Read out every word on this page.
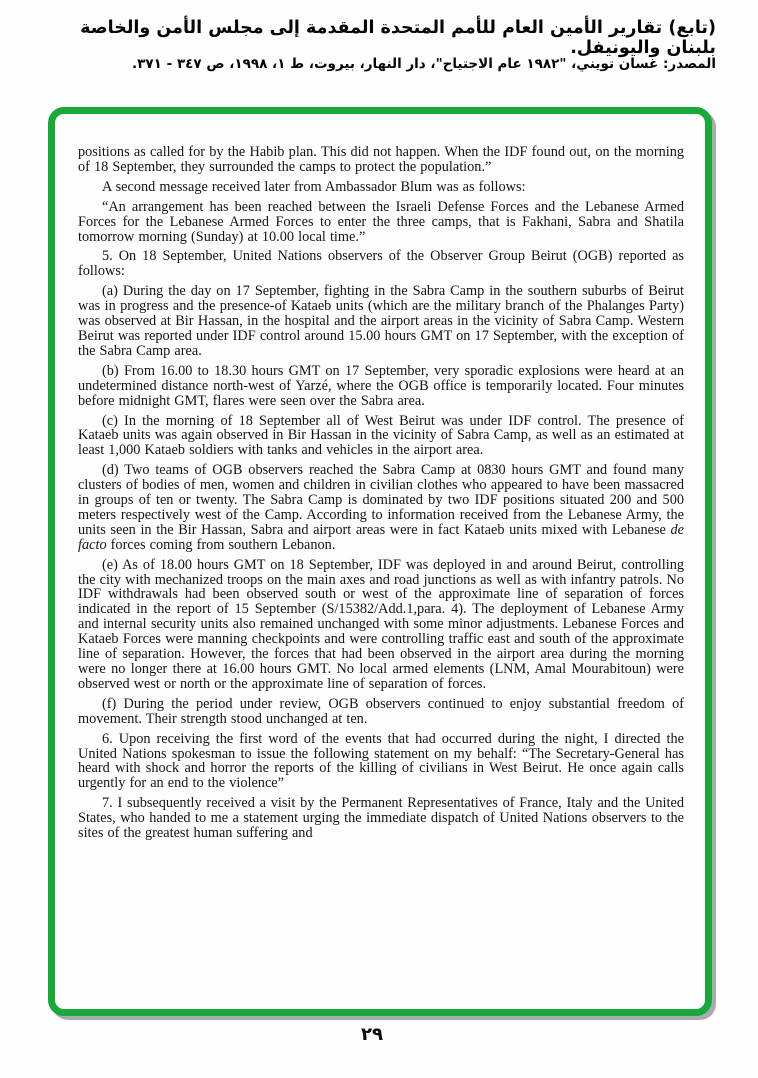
(تابع) تقارير الأمين العام للأمم المتحدة المقدمة إلى مجلس الأمن والخاصة بلبنان واليونيفل.
المصدر: غسان تويني، "١٩٨٢ عام الاجتياح"، دار النهار، بيروت، ط ١، ١٩٩٨، ص ٣٤٧ - ٣٧١.

positions as called for by the Habib plan. This did not happen. When the IDF found out, on the morning of 18 September, they surrounded the camps to protect the population.”

A second message received later from Ambassador Blum was as follows:

“An arrangement has been reached between the Israeli Defense Forces and the Lebanese Armed Forces for the Lebanese Armed Forces to enter the three camps, that is Fakhani, Sabra and Shatila tomorrow morning (Sunday) at 10.00 local time.”

5. On 18 September, United Nations observers of the Observer Group Beirut (OGB) reported as follows:

(a) During the day on 17 September, fighting in the Sabra Camp in the southern suburbs of Beirut was in progress and the presence-of Kataeb units (which are the military branch of the Phalanges Party) was observed at Bir Hassan, in the hospital and the airport areas in the vicinity of Sabra Camp. Western Beirut was reported under IDF control around 15.00 hours GMT on 17 September, with the exception of the Sabra Camp area.

(b) From 16.00 to 18.30 hours GMT on 17 September, very sporadic explosions were heard at an undetermined distance north-west of Yarzé, where the OGB office is temporarily located. Four minutes before midnight GMT, flares were seen over the Sabra area.

(c) In the morning of 18 September all of West Beirut was under IDF control. The presence of Kataeb units was again observed in Bir Hassan in the vicinity of Sabra Camp, as well as an estimated at least 1,000 Kataeb soldiers with tanks and vehicles in the airport area.

(d) Two teams of OGB observers reached the Sabra Camp at 0830 hours GMT and found many clusters of bodies of men, women and children in civilian clothes who appeared to have been massacred in groups of ten or twenty. The Sabra Camp is dominated by two IDF positions situated 200 and 500 meters respectively west of the Camp. According to information received from the Lebanese Army, the units seen in the Bir Hassan, Sabra and airport areas were in fact Kataeb units mixed with Lebanese de facto forces coming from southern Lebanon.

(e) As of 18.00 hours GMT on 18 September, IDF was deployed in and around Beirut, controlling the city with mechanized troops on the main axes and road junctions as well as with infantry patrols. No IDF withdrawals had been observed south or west of the approximate line of separation of forces indicated in the report of 15 September (S/15382/Add.1,para. 4). The deployment of Lebanese Army and internal security units also remained unchanged with some minor adjustments. Lebanese Forces and Kataeb Forces were manning checkpoints and were controlling traffic east and south of the approximate line of separation. However, the forces that had been observed in the airport area during the morning were no longer there at 16.00 hours GMT. No local armed elements (LNM, Amal Mourabitoun) were observed west or north or the approximate line of separation of forces.

(f) During the period under review, OGB observers continued to enjoy substantial freedom of movement. Their strength stood unchanged at ten.

6. Upon receiving the first word of the events that had occurred during the night, I directed the United Nations spokesman to issue the following statement on my behalf: “The Secretary-General has heard with shock and horror the reports of the killing of civilians in West Beirut. He once again calls urgently for an end to the violence”

7. I subsequently received a visit by the Permanent Representatives of France, Italy and the United States, who handed to me a statement urging the immediate dispatch of United Nations observers to the sites of the greatest human suffering and

٢٩
